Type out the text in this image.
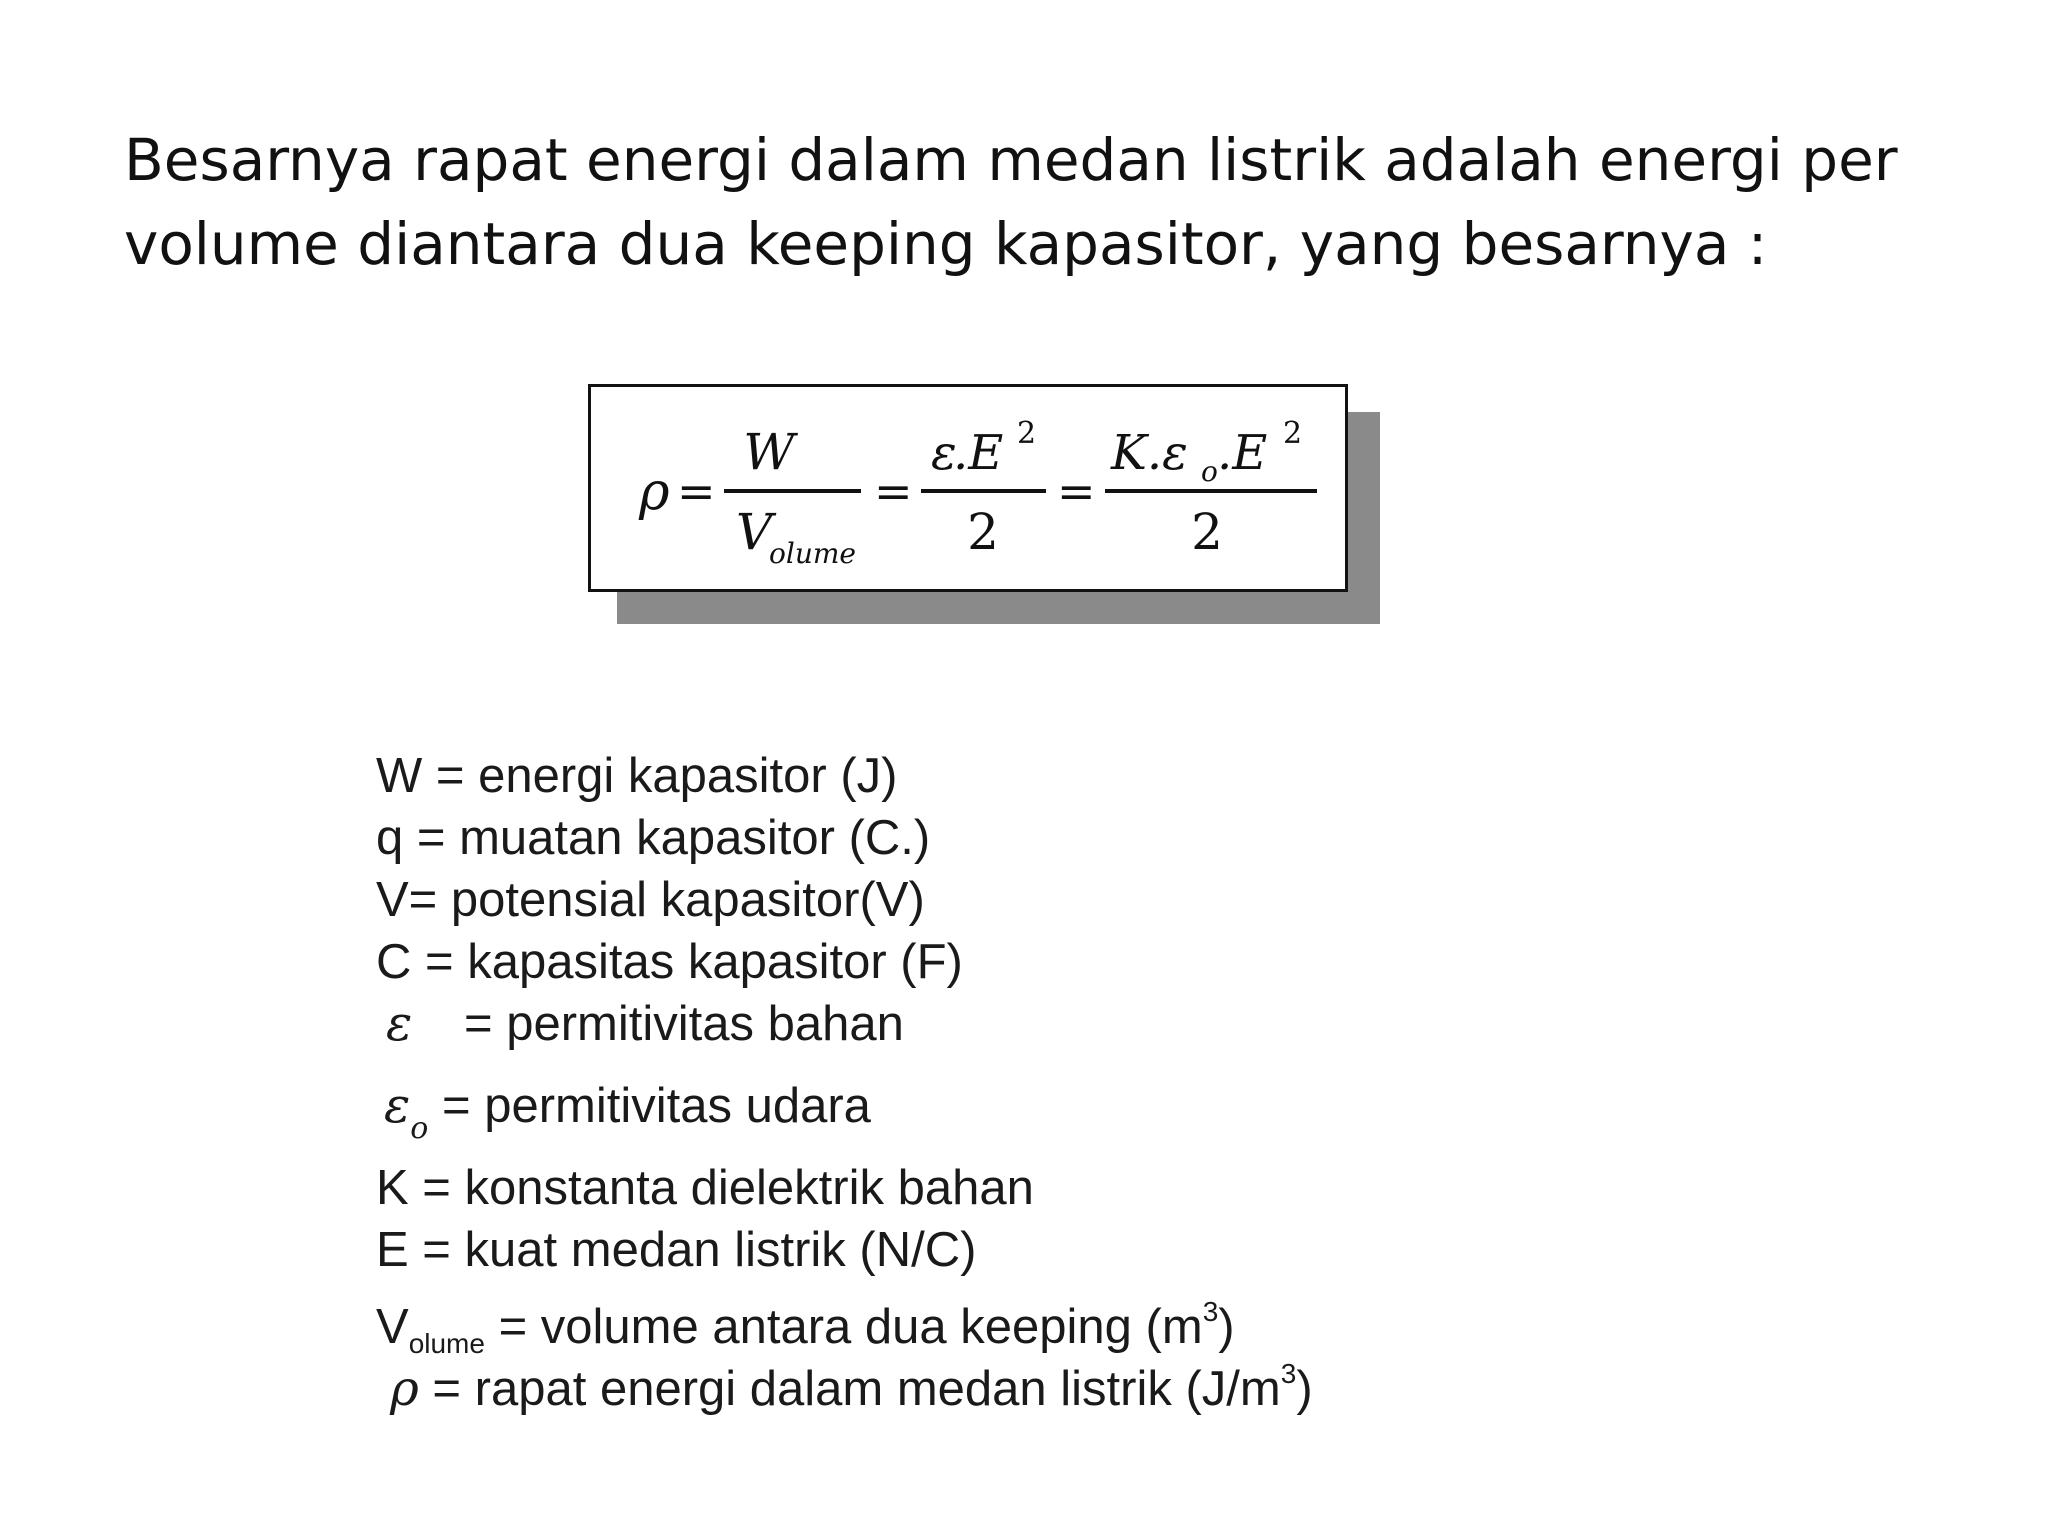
Besarnya rapat energi dalam medan listrik adalah energi per
volume diantara dua keeping kapasitor, yang besarnya :
ρ =
W
V
olume
=
ε
.E 2
2
=
K.ε o .E 2
2
W = energi kapasitor (J)
q = muatan kapasitor (C.)
V= potensial kapasitor(V)
C = kapasitas kapasitor (F)
ε = permitivitas bahan
$\varepsilon_o$ = permitivitas udara
K = konstanta dielektrik bahan
E = kuat medan listrik (N/C)
$V_{olume}$ = volume antara dua keeping $(m^3)$
ρ = rapat energi dalam medan listrik $(J/m^3)$
